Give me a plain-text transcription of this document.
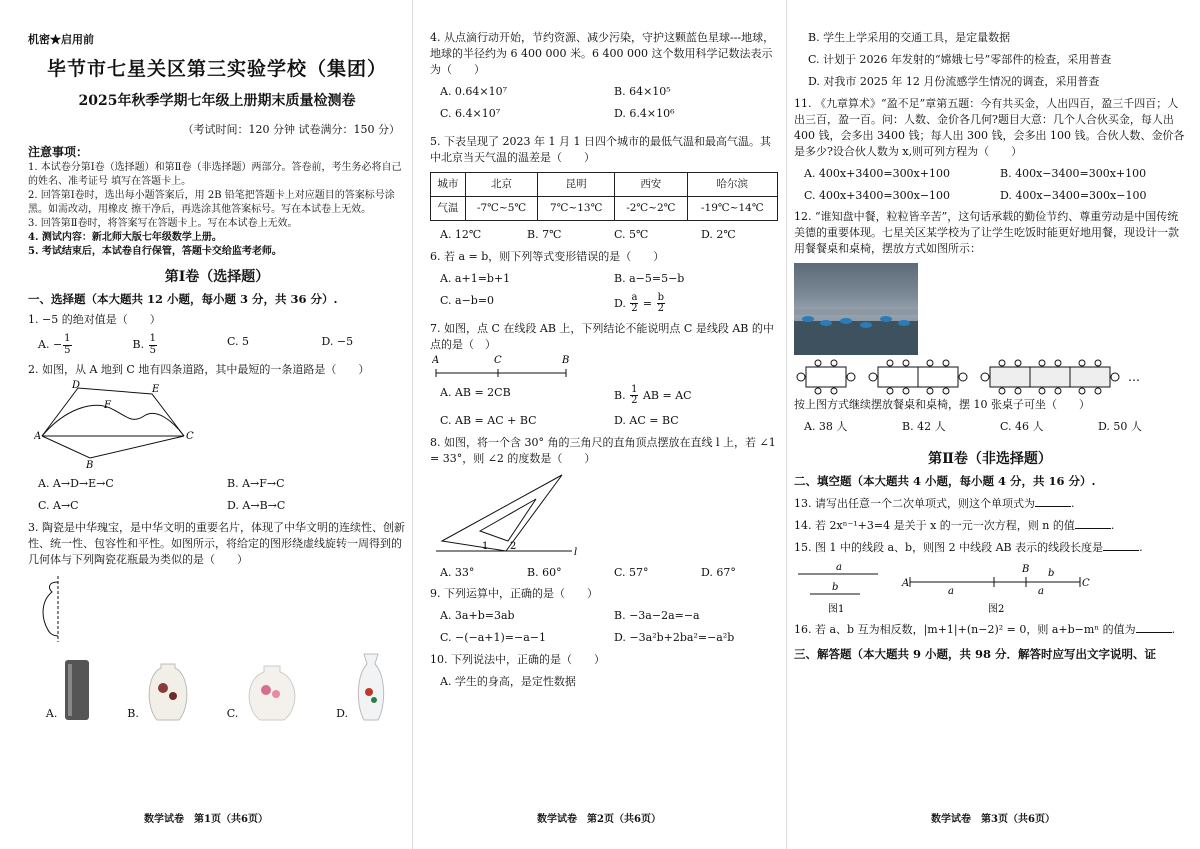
机密★启用前

毕节市七星关区第三实验学校（集团）

2025年秋季学期七年级上册期末质量检测卷

（考试时间：120 分钟 试卷满分：150 分）

注意事项：

1. 本试卷分第Ⅰ卷（选择题）和第Ⅱ卷（非选择题）两部分。答卷前，考生务必将自己的姓名、准考证号 填写在答题卡上。

2. 回答第Ⅰ卷时，选出每小题答案后，用 2B 铅笔把答题卡上对应题目的答案标号涂黑。如需改动，用橡皮 擦干净后，再选涂其他答案标号。写在本试卷上无效。

3. 回答第Ⅱ卷时，将答案写在答题卡上。写在本试卷上无效。

4. 测试内容：新北师大版七年级数学上册。

5. 考试结束后，本试卷自行保管，答题卡交给监考老师。

第Ⅰ卷（选择题）

一、选择题（本大题共 12 小题，每小题 3 分，共 36 分）.

1. −5 的绝对值是（　　）

A. − $\frac{1}{5}$	B. $\frac{1}{5}$	C. 5	D. −5

2. 如图，从 A 地到 C 地有四条道路，其中最短的一条道路是（　　）

A
B
C
D	E
F
A. A→D→E→C	B. A→F→C
C. A→C	D. A→B→C

3. 陶瓷是中华瑰宝，是中华文明的重要名片，体现了中华文明的连续性、创新性、统一性、包容性和平性。如图所示，将给定的图形绕虚线旋转一周得到的几何体与下列陶瓷花瓶最为类似的是（　　）

A.	B.	C.	D.

数学试卷　第1页（共6页）

4. 从点滴行动开始，节约资源、减少污染，守护这颗蓝色星球---地球，地球的半径约为 6 400 000 米。6 400 000 这个数用科学记数法表示为（　　）

A. 0.64×10⁷	B. 64×10⁵
C. 6.4×10⁷	D. 6.4×10⁶

5. 下表呈现了 2023 年 1 月 1 日四个城市的最低气温和最高气温。其中北京当天气温的温差是（　　）

城市	北京	昆明	西安	哈尔滨
气温	-7℃~5℃	7℃~13℃	-2℃~2℃	-19℃~14℃
A. 12℃	B. 7℃	C. 5℃	D. 2℃

6. 若 a = b，则下列等式变形错误的是（　　）

A. a+1=b+1	B. a−5=5−b
C. a−b=0	D. $\frac{a}{2} = \frac{b}{2}$

7. 如图，点 C 在线段 AB 上，下列结论不能说明点 C 是线段 AB 的中点的是（　）

A	C	B
A. AB = 2CB	B. $\frac{1}{2}$ AB = AC
C. AB = AC + BC	D. AC = BC

8. 如图，将一个含 30° 角的三角尺的直角顶点摆放在直线 l 上，若 ∠1 = 33°，则 ∠2 的度数是（　　）

1 2
l
A. 33°	B. 60°	C. 57°	D. 67°

9. 下列运算中，正确的是（　　）

A. 3a+b=3ab	B. −3a−2a=−a
C. −(−a+1)=−a−1	D. −3a²b+2ba²=−a²b

10. 下列说法中，正确的是（　　）

A. 学生的身高，是定性数据

数学试卷　第2页（共6页）

B. 学生上学采用的交通工具，是定量数据

C. 计划于 2026 年发射的“嫦娥七号”零部件的检查，采用普查

D. 对我市 2025 年 12 月份流感学生情况的调查，采用普查

11. 《九章算术》“盈不足”章第五题：今有共买金，人出四百，盈三千四百；人出三百，盈一百。问：人数、金价各几何?题目大意：几个人合伙买金，每人出 400 钱，会多出 3400 钱；每人出 300 钱，会多出 100 钱。合伙人数、金价各是多少?设合伙人数为 x,则可列方程为（　　）

A. 400x+3400=300x+100	B. 400x−3400=300x+100
C. 400x+3400=300x−100	D. 400x−3400=300x−100

12. “谁知盘中餐，粒粒皆辛苦”，这句话承载的勤俭节约、尊重劳动是中国传统美德的重要体现。七星关区某学校为了让学生吃饭时能更好地用餐，现设计一款用餐餐桌和桌椅，摆放方式如图所示：

…

按上图方式继续摆放餐桌和桌椅，摆 10 张桌子可坐（　　）

A. 38 人	B. 42 人	C. 46 人	D. 50 人

第Ⅱ卷（非选择题）

二、填空题（本大题共 4 小题，每小题 4 分，共 16 分）.

13. 请写出任意一个二次单项式，则这个单项式为	.

14. 若 2xⁿ⁻¹+3=4 是关于 x 的一元一次方程，则 n 的值	.

15. 图 1 中的线段 a、b，则图 2 中线段 AB 表示的线段长度是	.

a
b
图1
A
B
C
a	a
b
图2

16. 若 a、b 互为相反数，|m+1|+(n−2)² = 0，则 a+b−mⁿ 的值为	.

三、解答题（本大题共 9 小题，共 98 分．解答时应写出文字说明、证

数学试卷　第3页（共6页）
